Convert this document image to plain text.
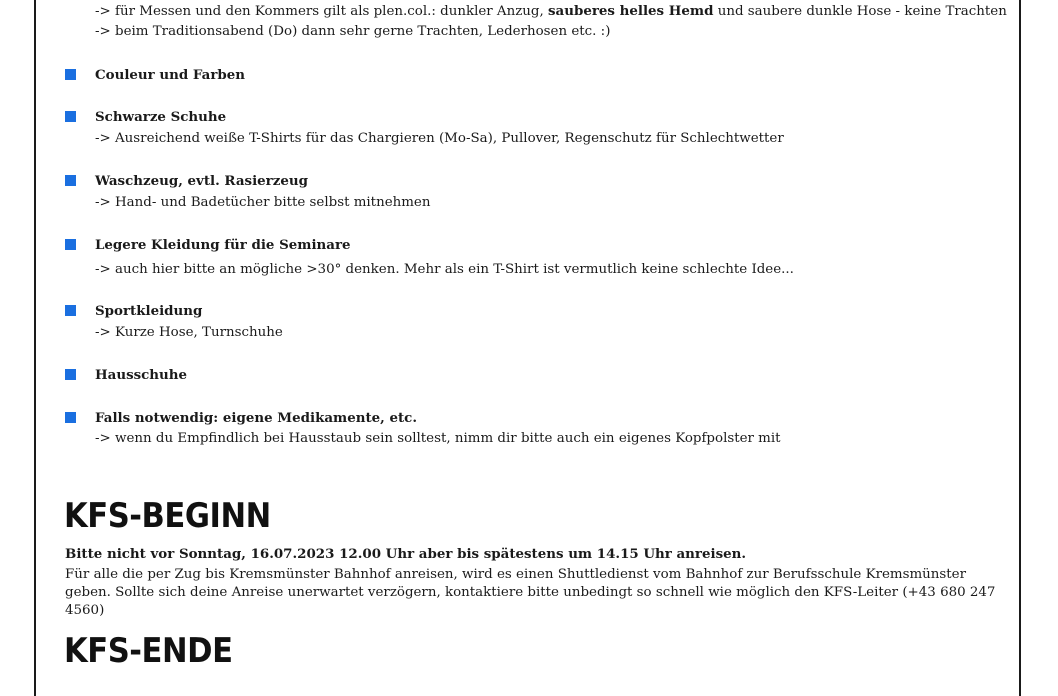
-> für Messen und den Kommers gilt als plen.col.: dunkler Anzug, sauberes helles Hemd und saubere dunkle Hose - keine Trachten
-> beim Traditionsabend (Do) dann sehr gerne Trachten, Lederhosen etc. :)
Couleur und Farben
Schwarze Schuhe
-> Ausreichend weiße T-Shirts für das Chargieren (Mo-Sa), Pullover, Regenschutz für Schlechtwetter
Waschzeug, evtl. Rasierzeug
-> Hand- und Badetücher bitte selbst mitnehmen
Legere Kleidung für die Seminare
-> auch hier bitte an mögliche >30° denken. Mehr als ein T-Shirt ist vermutlich keine schlechte Idee...
Sportkleidung
-> Kurze Hose, Turnschuhe
Hausschuhe
Falls notwendig: eigene Medikamente, etc.
-> wenn du Empfindlich bei Hausstaub sein solltest, nimm dir bitte auch ein eigenes Kopfpolster mit
KFS-BEGINN
Bitte nicht vor Sonntag, 16.07.2023 12.00 Uhr aber bis spätestens um 14.15 Uhr anreisen.
Für alle die per Zug bis Kremsmünster Bahnhof anreisen, wird es einen Shuttledienst vom Bahnhof zur Berufsschule Kremsmünster geben. Sollte sich deine Anreise unerwartet verzögern, kontaktiere bitte unbedingt so schnell wie möglich den KFS-Leiter (+43 680 247 4560)
KFS-ENDE
